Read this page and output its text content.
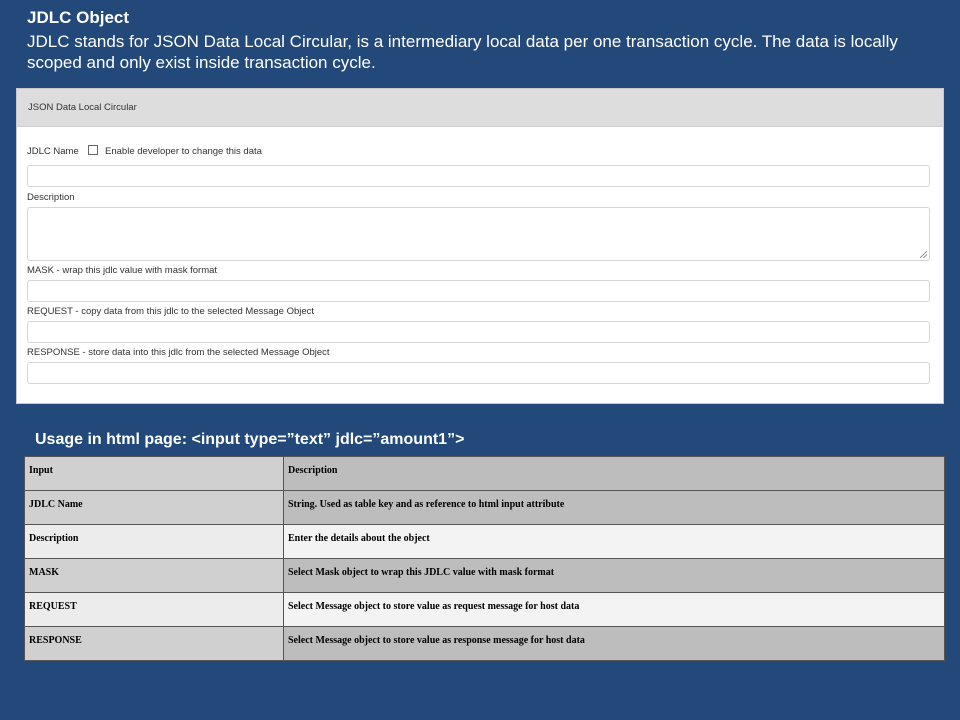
JDLC Object
JDLC stands for JSON Data Local Circular, is a intermediary local data per one transaction cycle. The data is locally scoped and only exist inside transaction cycle.
JSON Data Local Circular
JDLC Name	Enable developer to change this data
Description
MASK - wrap this jdlc value with mask format
REQUEST - copy data from this jdlc to the selected Message Object
RESPONSE - store data into this jdlc from the selected Message Object
Usage in html page: <input type=”text” jdlc=”amount1”>
Input	Description
JDLC Name	String. Used as table key and as reference to html input attribute
Description	Enter the details about the object
MASK	Select Mask object to wrap this JDLC value with mask format
REQUEST	Select Message object to store value as request message for host data
RESPONSE	Select Message object to store value as response message for host data
